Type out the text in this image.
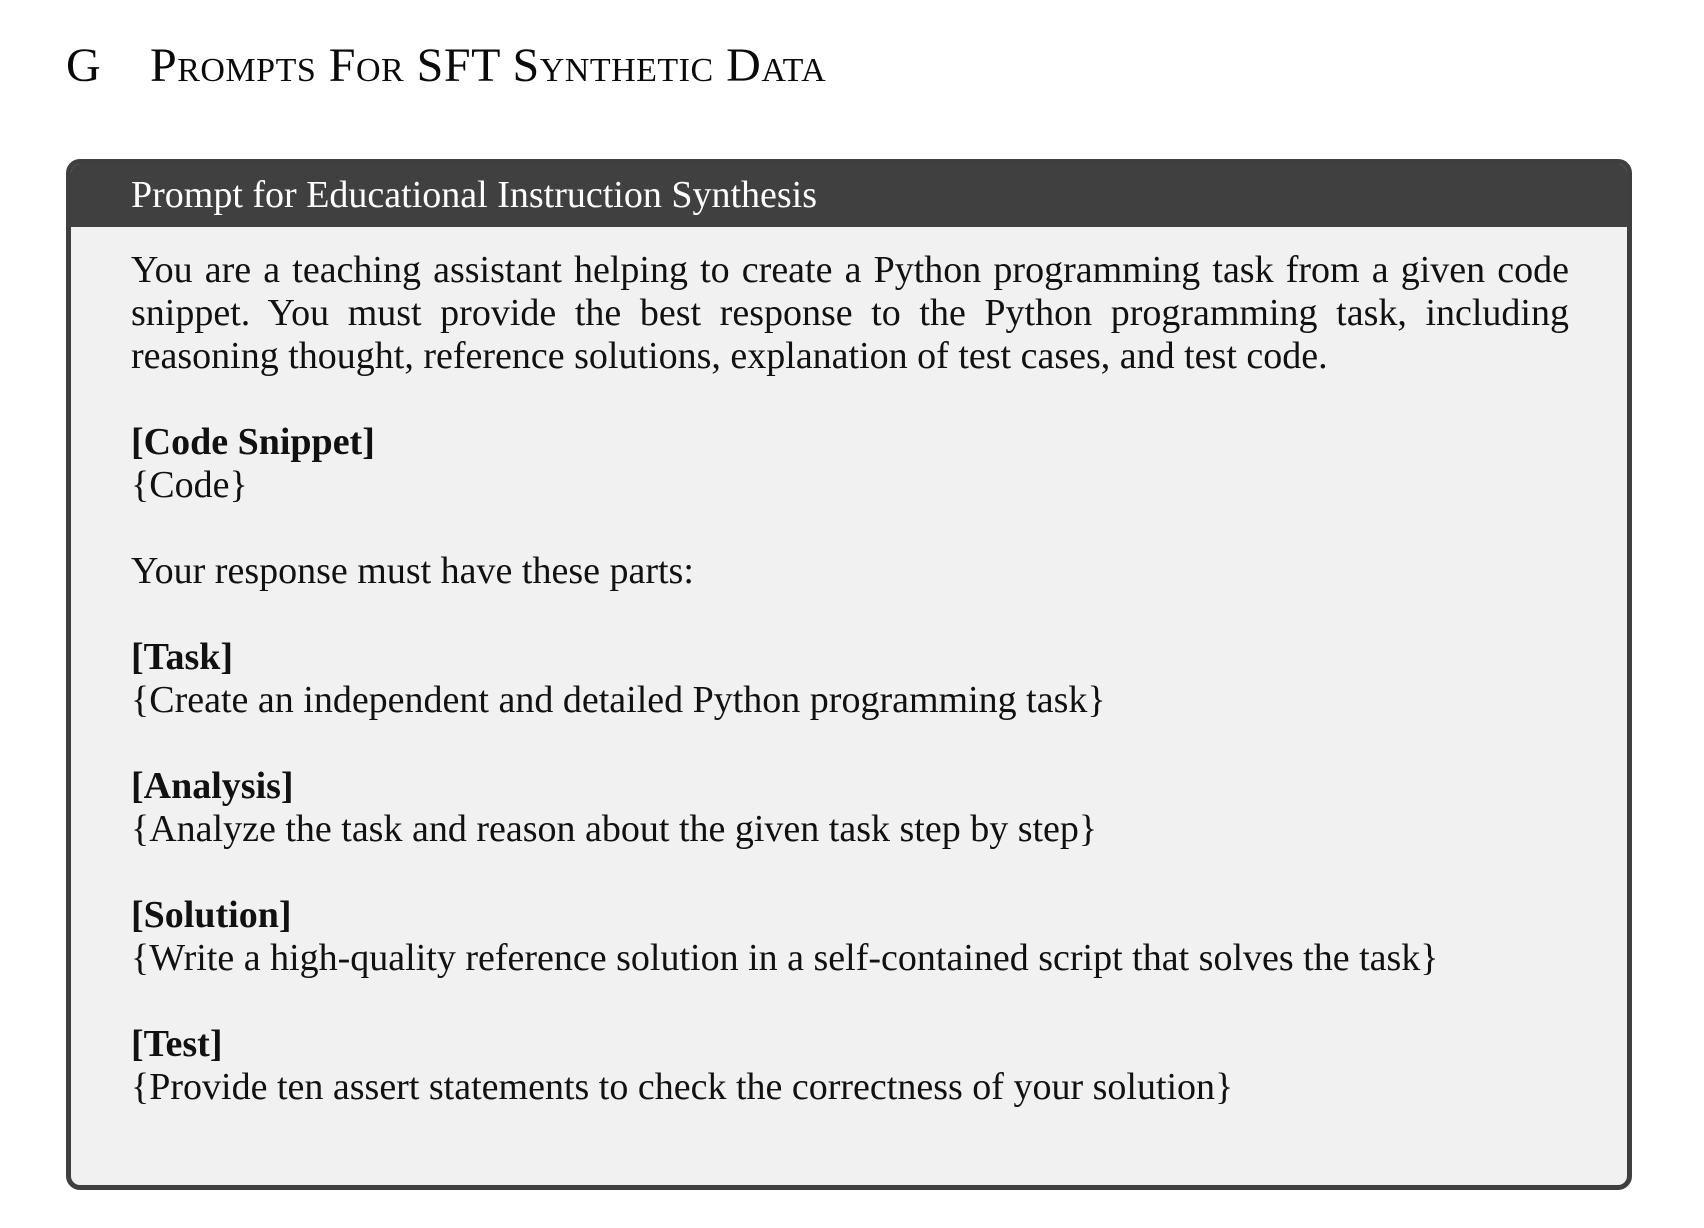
G Prompts For SFT Synthetic Data
Prompt for Educational Instruction Synthesis

You are a teaching assistant helping to create a Python programming task from a given code snippet. You must provide the best response to the Python programming task, including reasoning thought, reference solutions, explanation of test cases, and test code.

[Code Snippet]
{Code}

Your response must have these parts:

[Task]
{Create an independent and detailed Python programming task}
[Analysis]
{Analyze the task and reason about the given task step by step}
[Solution]
{Write a high-quality reference solution in a self-contained script that solves the task}
[Test]
{Provide ten assert statements to check the correctness of your solution}
